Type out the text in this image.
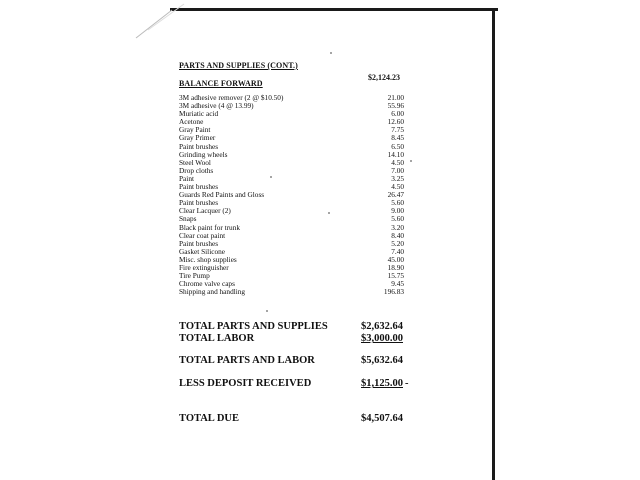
PARTS AND SUPPLIES (CONT.)
BALANCE FORWARD
$2,124.23
3M adhesive remover (2 @ $10.50)	21.00
3M adhesive (4 @ 13.99)	55.96
Muriatic acid	6.00
Acetone	12.60
Gray Paint	7.75
Gray Primer	8.45
Paint brushes	6.50
Grinding wheels	14.10
Steel Wool	4.50
Drop cloths	7.00
Paint	3.25
Paint brushes	4.50
Guards Red Paints and Gloss	26.47
Paint brushes	5.60
Clear Lacquer (2)	9.00
Snaps	5.60
Black paint for trunk	3.20
Clear coat paint	8.40
Paint brushes	5.20
Gasket Silicone	7.40
Misc. shop supplies	45.00
Fire extinguisher	18.90
Tire Pump	15.75
Chrome valve caps	9.45
Shipping and handling	196.83
TOTAL PARTS AND SUPPLIES	$2,632.64
TOTAL LABOR	$3,000.00
TOTAL PARTS AND LABOR	$5,632.64
LESS DEPOSIT RECEIVED	$1,125.00 -
TOTAL DUE	$4,507.64
